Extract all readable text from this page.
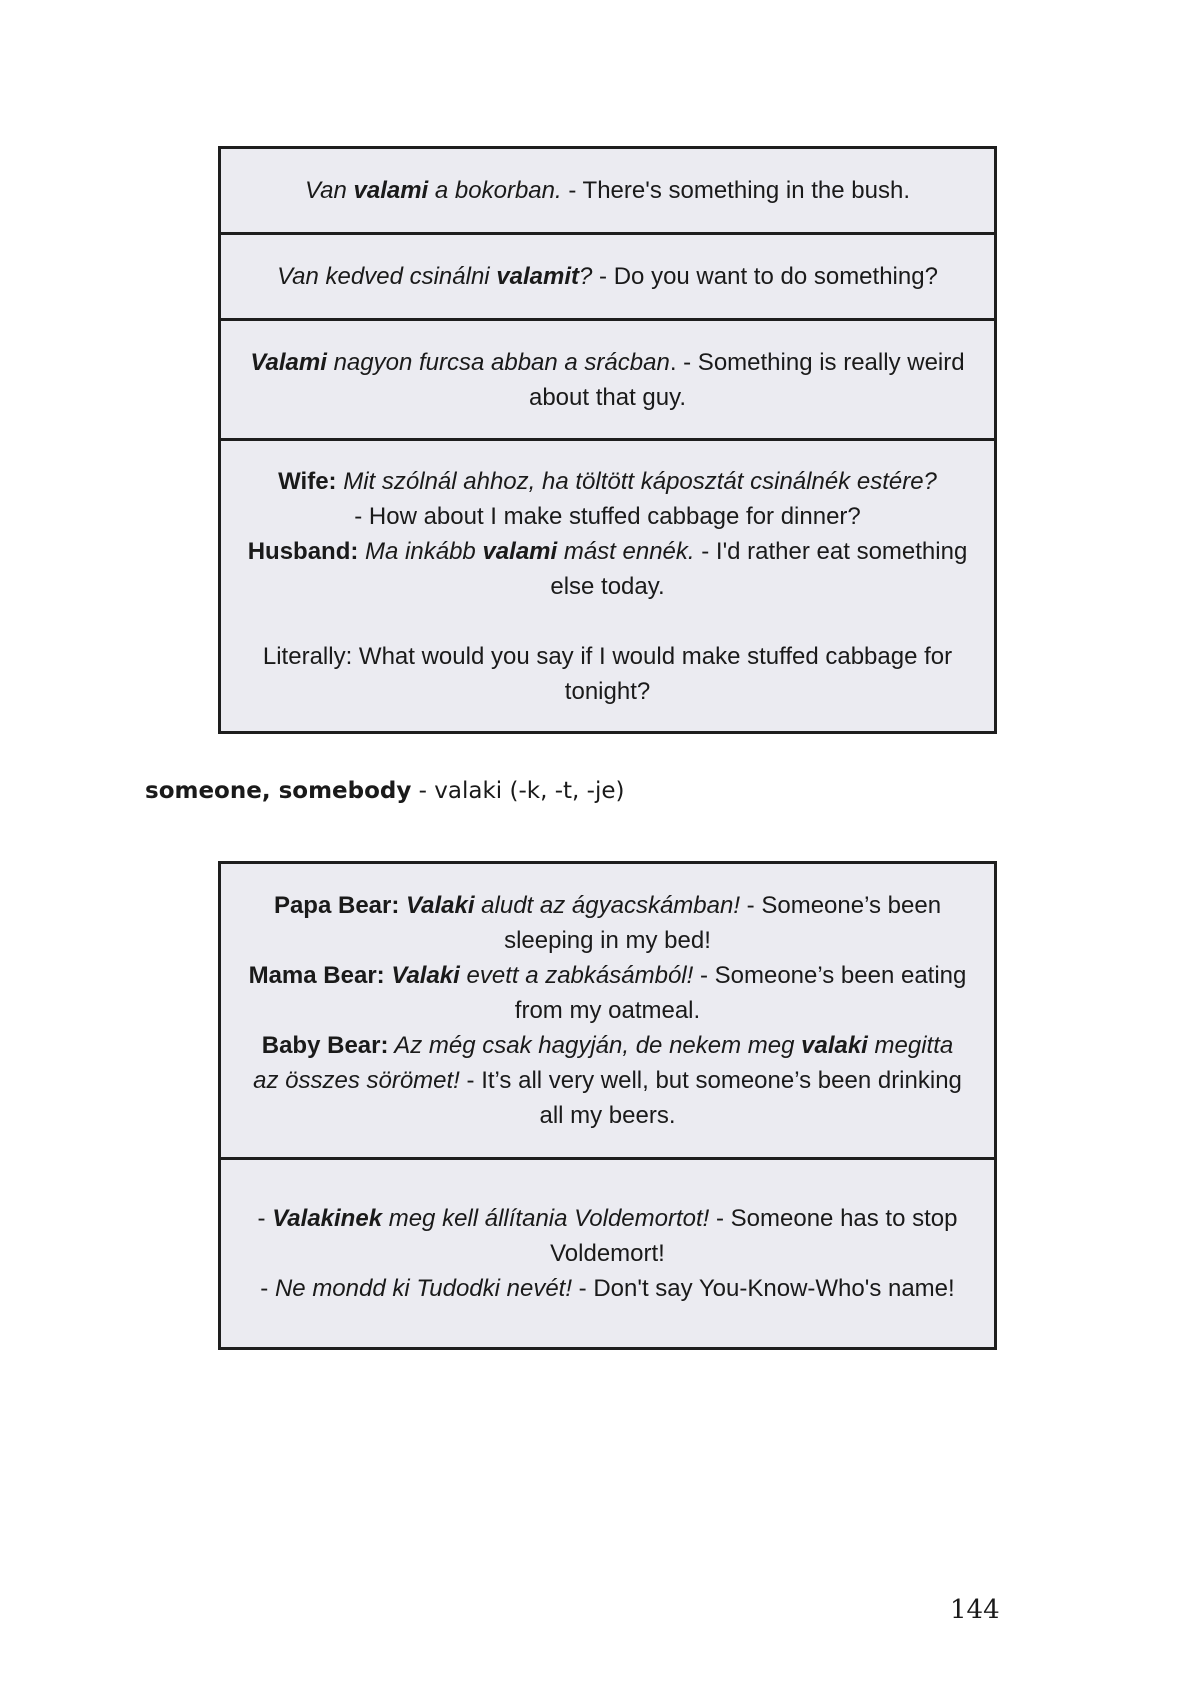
Van valami a bokorban. - There's something in the bush.

Van kedved csinálni valamit? - Do you want to do something?

Valami nagyon furcsa abban a srácban. - Something is really weird about that guy.

Wife: Mit szólnál ahhoz, ha töltött káposztát csinálnék estére?

- How about I make stuffed cabbage for dinner?

Husband: Ma inkább valami mást ennék. - I'd rather eat something else today.

Literally: What would you say if I would make stuffed cabbage for tonight?

someone, somebody - valaki (-k, -t, -je)

Papa Bear: Valaki aludt az ágyacskámban! - Someone’s been sleeping in my bed!

Mama Bear: Valaki evett a zabkásámból! - Someone’s been eating from my oatmeal.

Baby Bear: Az még csak hagyján, de nekem meg valaki megitta az összes sörömet! - It’s all very well, but someone’s been drinking all my beers.

- Valakinek meg kell állítania Voldemortot! - Someone has to stop Voldemort!

- Ne mondd ki Tudodki nevét! - Don't say You-Know-Who's name!

144
